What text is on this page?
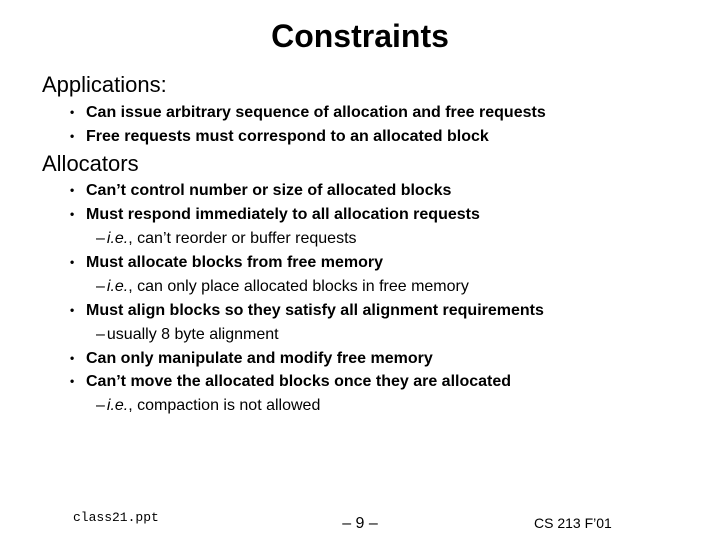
Constraints
Applications:
• Can issue arbitrary sequence of allocation and free requests
• Free requests must correspond to an allocated block
Allocators
• Can’t control number or size of allocated blocks
• Must respond immediately to all allocation requests
– i.e., can’t reorder or buffer requests
• Must allocate blocks from free memory
– i.e., can only place allocated blocks in free memory
• Must align blocks so they satisfy all alignment requirements
– usually 8 byte alignment
• Can only manipulate and modify free memory
• Can’t move the allocated blocks once they are allocated
– i.e., compaction is not allowed
class21.ppt	– 9 –	CS 213 F’01
